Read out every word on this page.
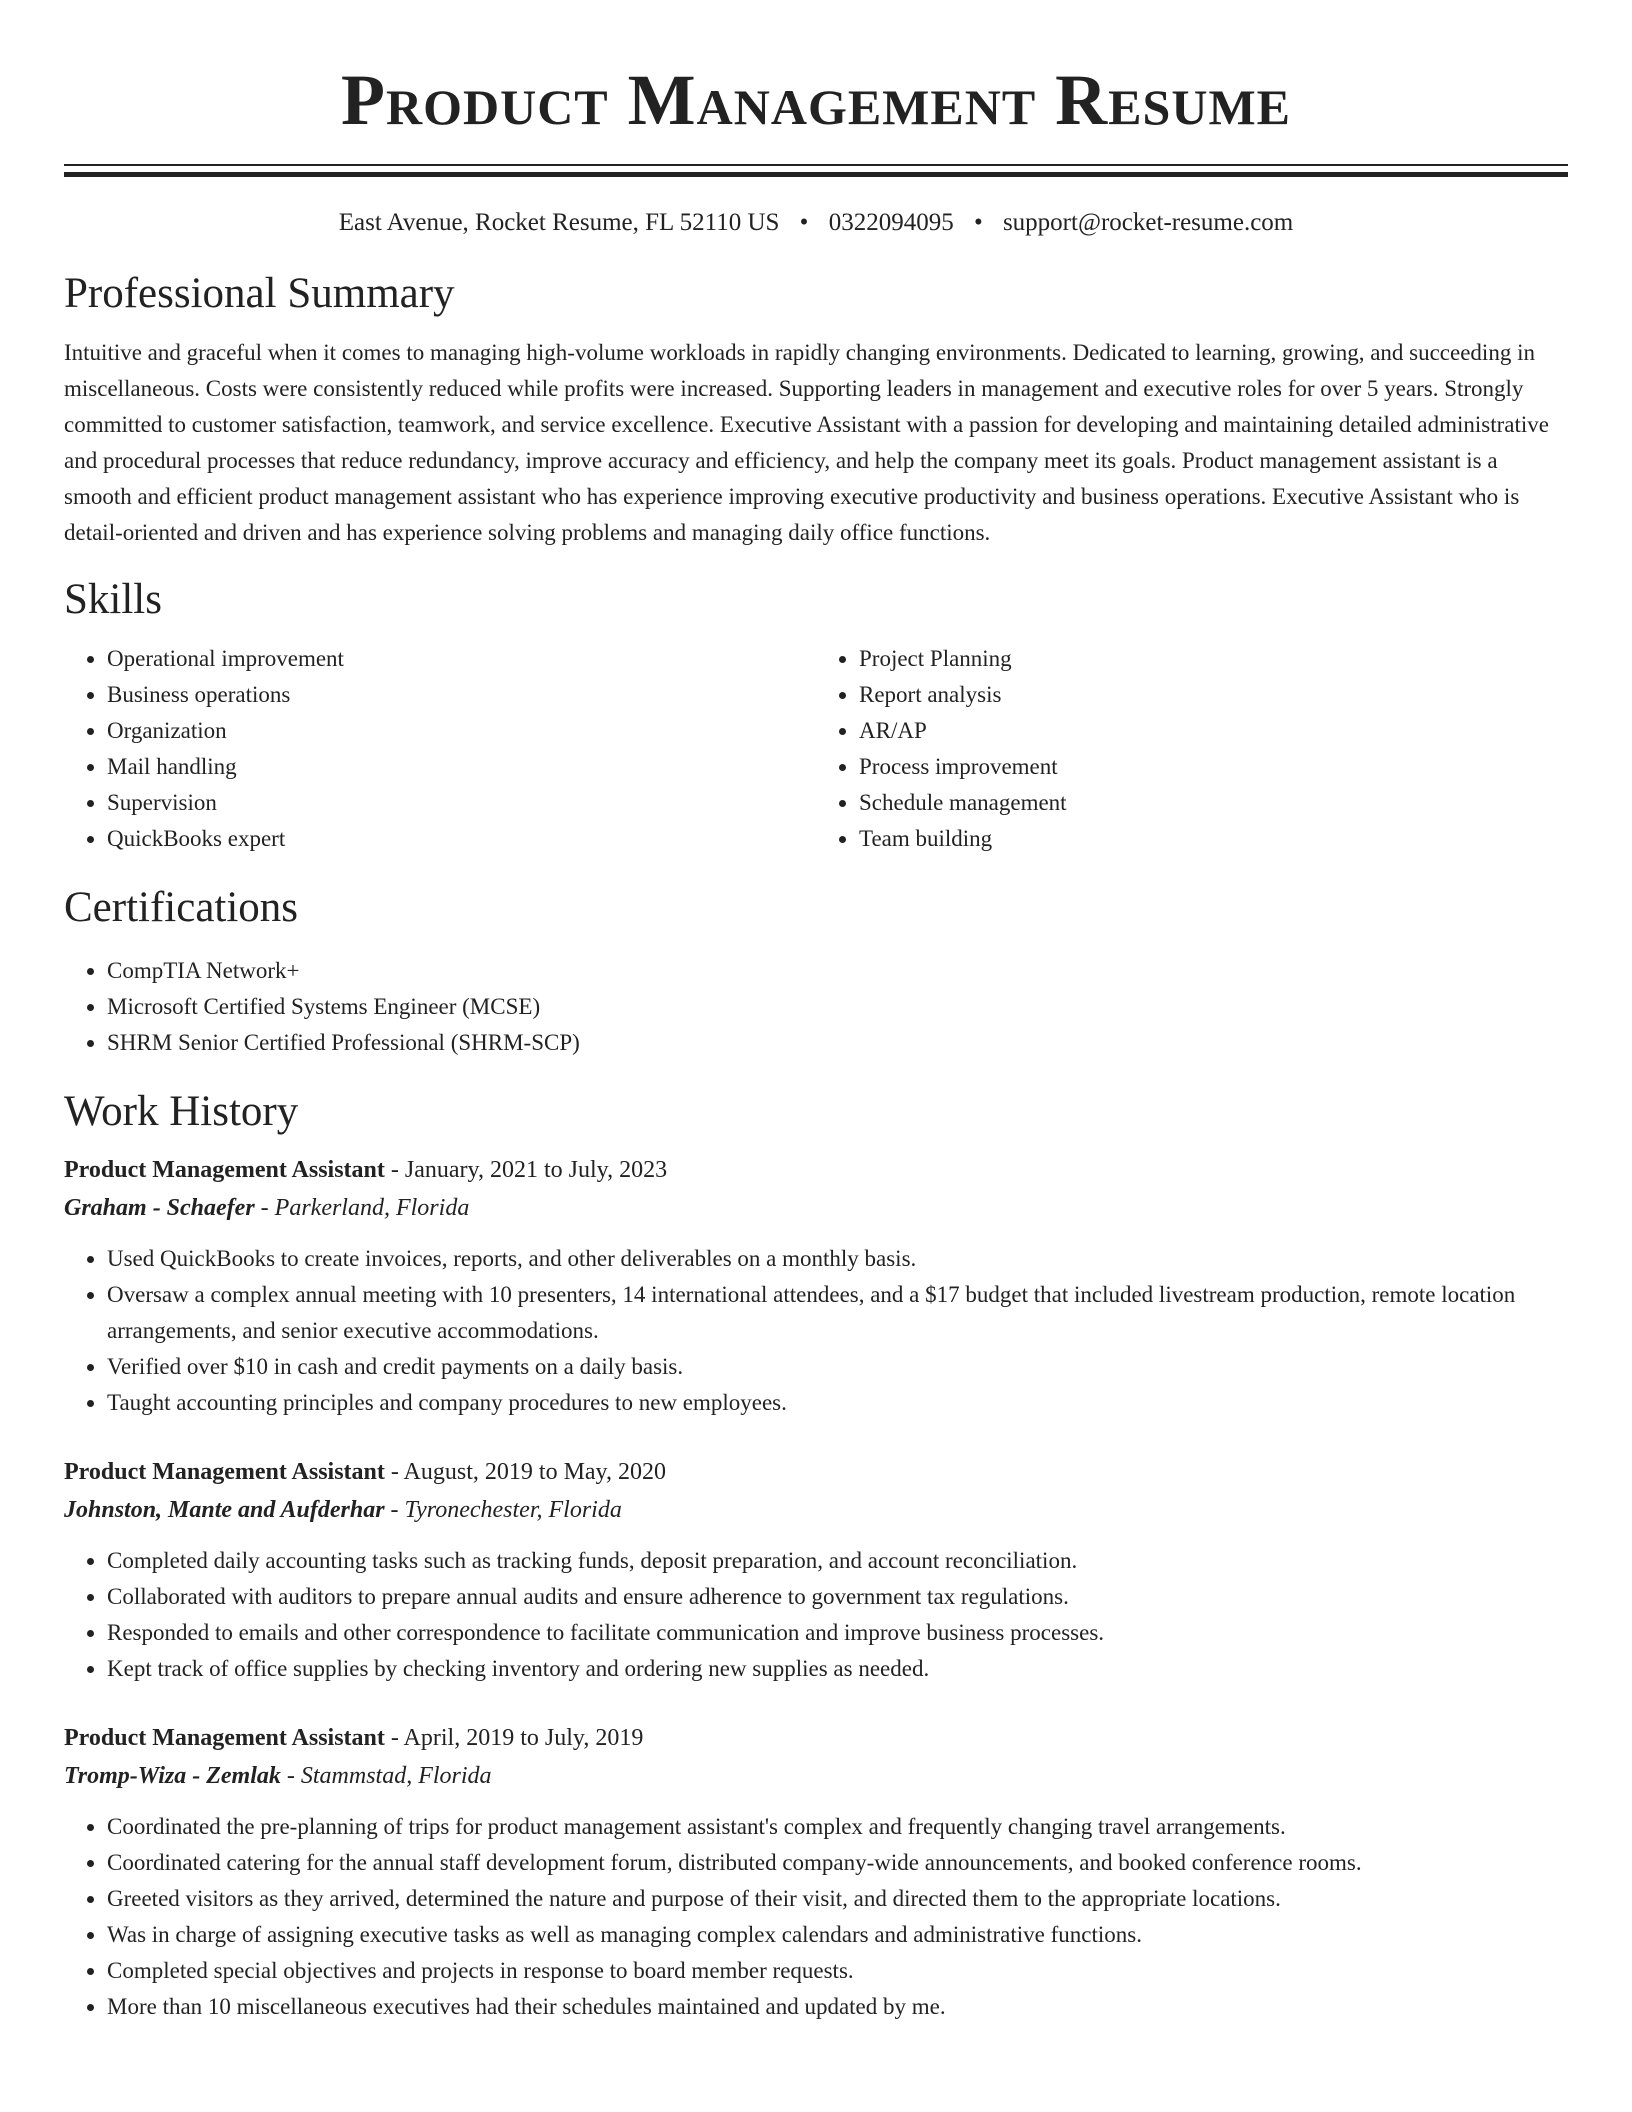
Product Management Resume
East Avenue, Rocket Resume, FL 52110 US • 0322094095 • support@rocket-resume.com
Professional Summary

Intuitive and graceful when it comes to managing high-volume workloads in rapidly changing environments. Dedicated to learning, growing, and succeeding in miscellaneous. Costs were consistently reduced while profits were increased. Supporting leaders in management and executive roles for over 5 years. Strongly committed to customer satisfaction, teamwork, and service excellence. Executive Assistant with a passion for developing and maintaining detailed administrative and procedural processes that reduce redundancy, improve accuracy and efficiency, and help the company meet its goals. Product management assistant is a smooth and efficient product management assistant who has experience improving executive productivity and business operations. Executive Assistant who is detail-oriented and driven and has experience solving problems and managing daily office functions.

Skills
• Operational improvement
• Business operations
• Organization
• Mail handling
• Supervision
• QuickBooks expert
• Project Planning
• Report analysis
• AR/AP
• Process improvement
• Schedule management
• Team building
Certifications
• CompTIA Network+
• Microsoft Certified Systems Engineer (MCSE)
• SHRM Senior Certified Professional (SHRM-SCP)
Work History
Product Management Assistant - January, 2021 to July, 2023
Graham - Schaefer - Parkerland, Florida
• Used QuickBooks to create invoices, reports, and other deliverables on a monthly basis.
• Oversaw a complex annual meeting with 10 presenters, 14 international attendees, and a $17 budget that included livestream production, remote location arrangements, and senior executive accommodations.
• Verified over $10 in cash and credit payments on a daily basis.
• Taught accounting principles and company procedures to new employees.
Product Management Assistant - August, 2019 to May, 2020
Johnston, Mante and Aufderhar - Tyronechester, Florida
• Completed daily accounting tasks such as tracking funds, deposit preparation, and account reconciliation.
• Collaborated with auditors to prepare annual audits and ensure adherence to government tax regulations.
• Responded to emails and other correspondence to facilitate communication and improve business processes.
• Kept track of office supplies by checking inventory and ordering new supplies as needed.
Product Management Assistant - April, 2019 to July, 2019
Tromp-Wiza - Zemlak - Stammstad, Florida
• Coordinated the pre-planning of trips for product management assistant's complex and frequently changing travel arrangements.
• Coordinated catering for the annual staff development forum, distributed company-wide announcements, and booked conference rooms.
• Greeted visitors as they arrived, determined the nature and purpose of their visit, and directed them to the appropriate locations.
• Was in charge of assigning executive tasks as well as managing complex calendars and administrative functions.
• Completed special objectives and projects in response to board member requests.
• More than 10 miscellaneous executives had their schedules maintained and updated by me.
